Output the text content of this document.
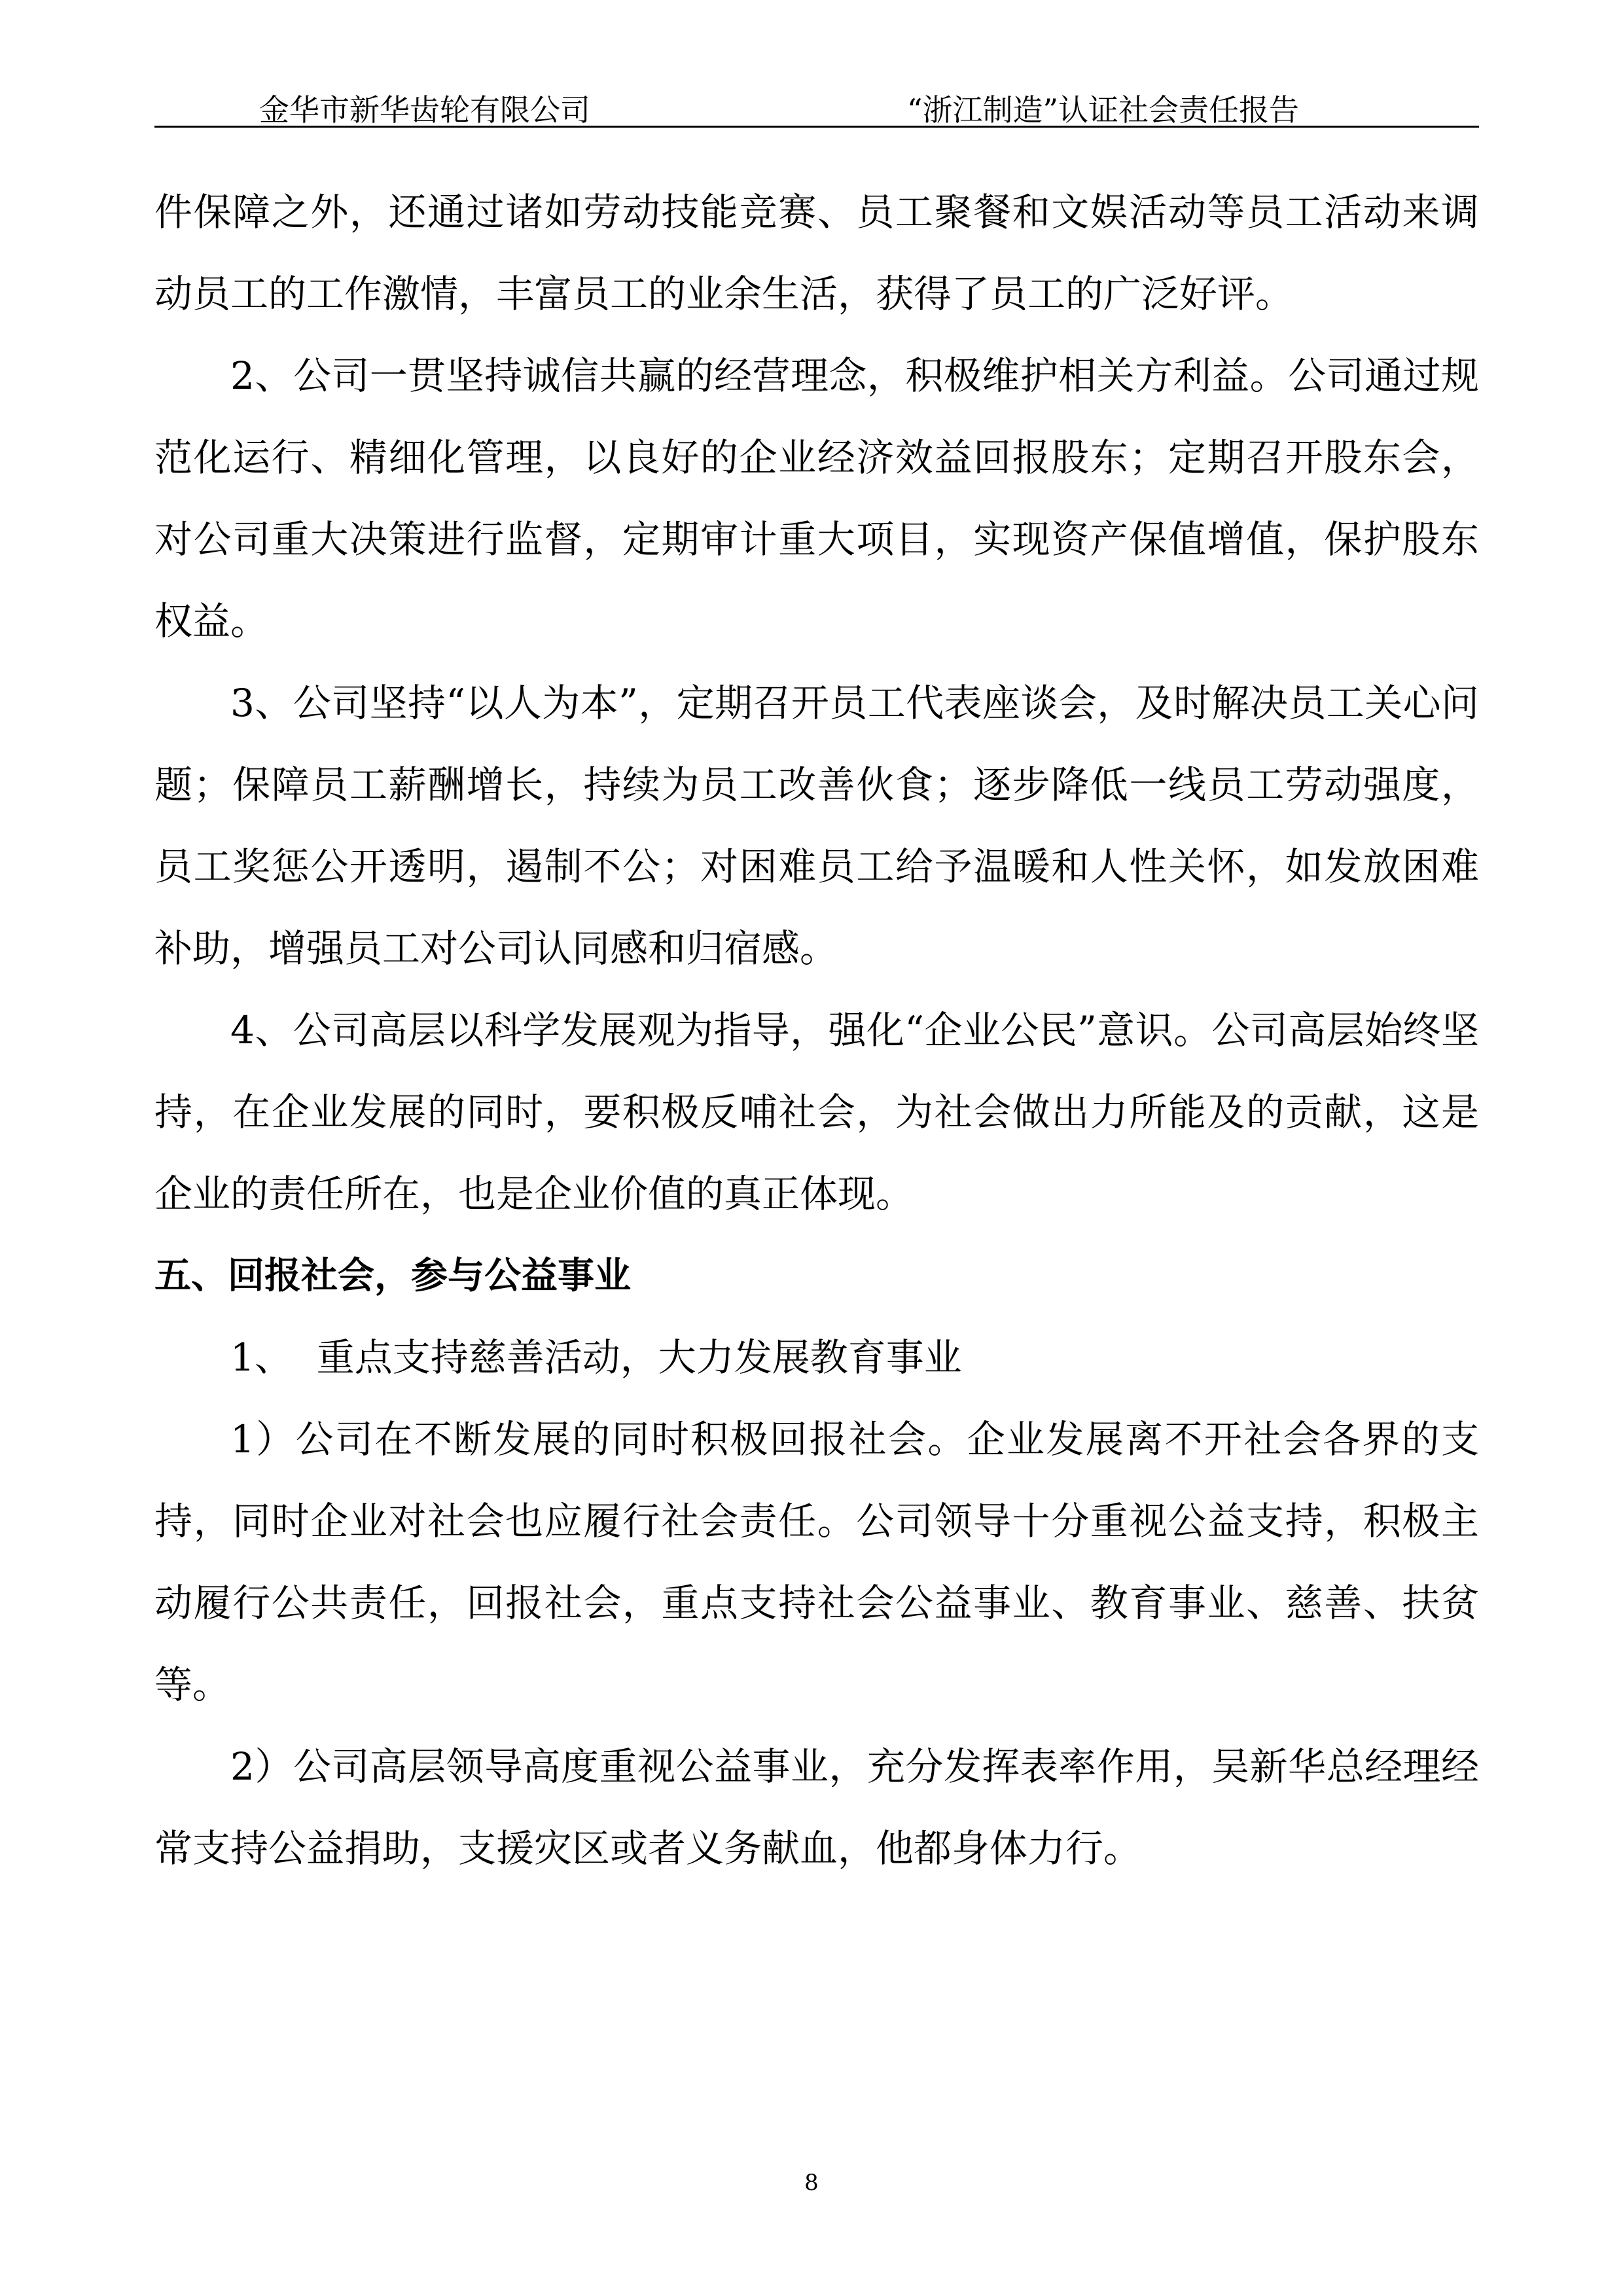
金华市新华齿轮有限公司	“浙江制造”认证社会责任报告

件保障之外，还通过诸如劳动技能竞赛、员工聚餐和文娱活动等员工活动来调动员工的工作激情，丰富员工的业余生活，获得了员工的广泛好评。

2、公司一贯坚持诚信共赢的经营理念，积极维护相关方利益。公司通过规范化运行、精细化管理，以良好的企业经济效益回报股东；定期召开股东会，对公司重大决策进行监督，定期审计重大项目，实现资产保值增值，保护股东权益。

3、公司坚持“以人为本”，定期召开员工代表座谈会，及时解决员工关心问题；保障员工薪酬增长，持续为员工改善伙食；逐步降低一线员工劳动强度，员工奖惩公开透明，遏制不公；对困难员工给予温暖和人性关怀，如发放困难补助，增强员工对公司认同感和归宿感。

4、公司高层以科学发展观为指导，强化“企业公民”意识。公司高层始终坚持，在企业发展的同时，要积极反哺社会，为社会做出力所能及的贡献，这是企业的责任所在，也是企业价值的真正体现。

五、回报社会，参与公益事业

1、  重点支持慈善活动，大力发展教育事业

1）公司在不断发展的同时积极回报社会。企业发展离不开社会各界的支持，同时企业对社会也应履行社会责任。公司领导十分重视公益支持，积极主动履行公共责任，回报社会，重点支持社会公益事业、教育事业、慈善、扶贫等。

2）公司高层领导高度重视公益事业，充分发挥表率作用，吴新华总经理经常支持公益捐助，支援灾区或者义务献血，他都身体力行。

8
